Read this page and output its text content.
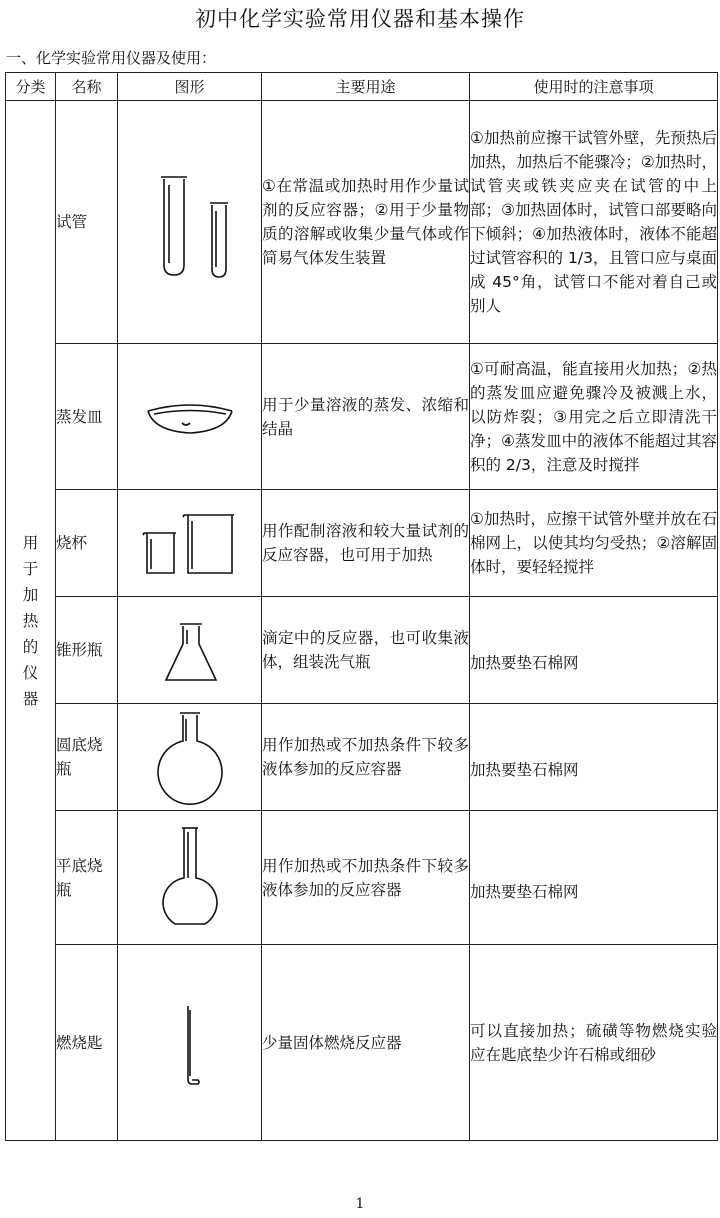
初中化学实验常用仪器和基本操作
一、化学实验常用仪器及使用：
分类	名称	图形	主要用途	使用时的注意事项

用于加热的仪器	试管		①在常温或加热时用作少量试剂的反应容器；②用于少量物质的溶解或收集少量气体或作简易气体发生装置	①加热前应擦干试管外壁，先预热后加热，加热后不能骤冷；②加热时，试管夹或铁夹应夹在试管的中上部；③加热固体时，试管口部要略向下倾斜；④加热液体时，液体不能超过试管容积的 1/3，且管口应与桌面成 45°角，试管口不能对着自己或别人
	蒸发皿		用于少量溶液的蒸发、浓缩和结晶	①可耐高温，能直接用火加热；②热的蒸发皿应避免骤冷及被溅上水，以防炸裂；③用完之后立即清洗干净；④蒸发皿中的液体不能超过其容积的 2/3，注意及时搅拌
	烧杯		用作配制溶液和较大量试剂的反应容器，也可用于加热	①加热时，应擦干试管外壁并放在石棉网上，以使其均匀受热；②溶解固体时，要轻轻搅拌
	锥形瓶		滴定中的反应器，也可收集液体，组装洗气瓶	加热要垫石棉网
	圆底烧瓶		用作加热或不加热条件下较多液体参加的反应容器	加热要垫石棉网
	平底烧瓶		用作加热或不加热条件下较多液体参加的反应容器	加热要垫石棉网
	燃烧匙		少量固体燃烧反应器	可以直接加热；硫磺等物燃烧实验应在匙底垫少许石棉或细砂
1
